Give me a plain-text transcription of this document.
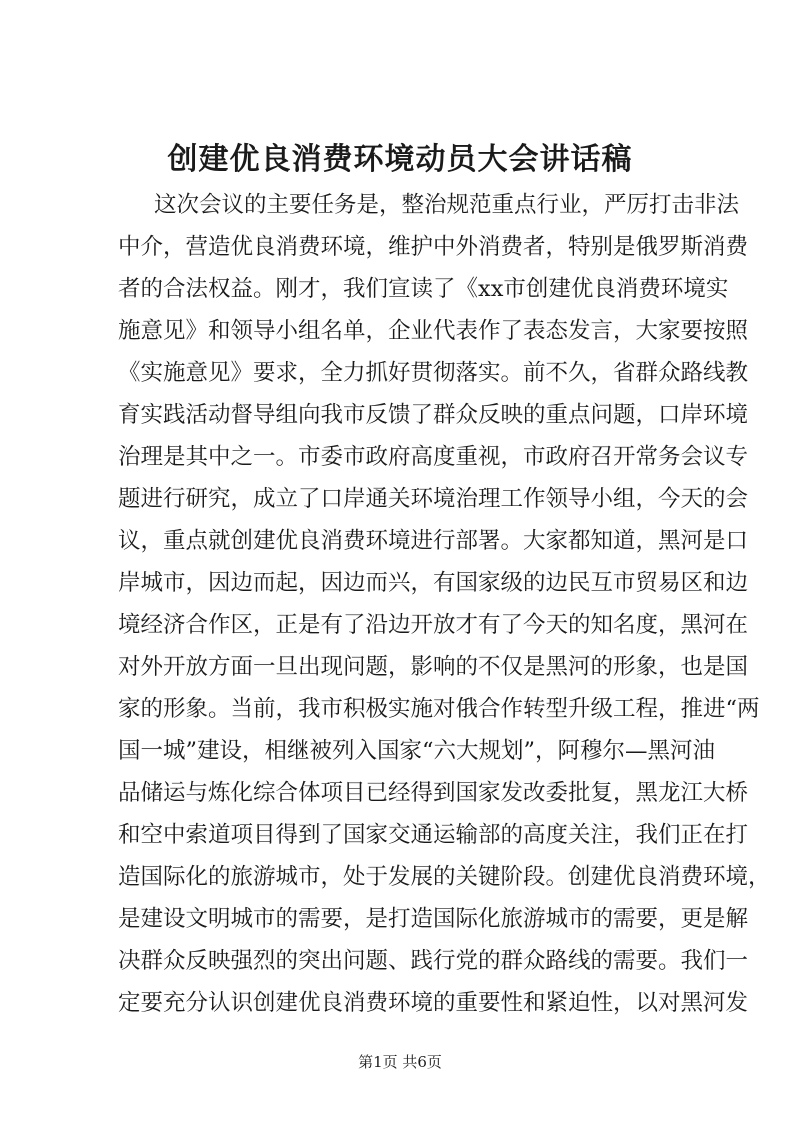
创建优良消费环境动员大会讲话稿
这次会议的主要任务是，整治规范重点行业，严厉打击非法
中介，营造优良消费环境，维护中外消费者，特别是俄罗斯消费
者的合法权益。刚才，我们宣读了《xx市创建优良消费环境实
施意见》和领导小组名单，企业代表作了表态发言，大家要按照
《实施意见》要求，全力抓好贯彻落实。前不久，省群众路线教
育实践活动督导组向我市反馈了群众反映的重点问题，口岸环境
治理是其中之一。市委市政府高度重视，市政府召开常务会议专
题进行研究，成立了口岸通关环境治理工作领导小组，今天的会
议，重点就创建优良消费环境进行部署。大家都知道，黑河是口
岸城市，因边而起，因边而兴，有国家级的边民互市贸易区和边
境经济合作区，正是有了沿边开放才有了今天的知名度，黑河在
对外开放方面一旦出现问题，影响的不仅是黑河的形象，也是国
家的形象。当前，我市积极实施对俄合作转型升级工程，推进“两
国一城”建设，相继被列入国家“六大规划”，阿穆尔—黑河油
品储运与炼化综合体项目已经得到国家发改委批复，黑龙江大桥
和空中索道项目得到了国家交通运输部的高度关注，我们正在打
造国际化的旅游城市，处于发展的关键阶段。创建优良消费环境，
是建设文明城市的需要，是打造国际化旅游城市的需要，更是解
决群众反映强烈的突出问题、践行党的群众路线的需要。我们一
定要充分认识创建优良消费环境的重要性和紧迫性，以对黑河发
第1页 共6页
